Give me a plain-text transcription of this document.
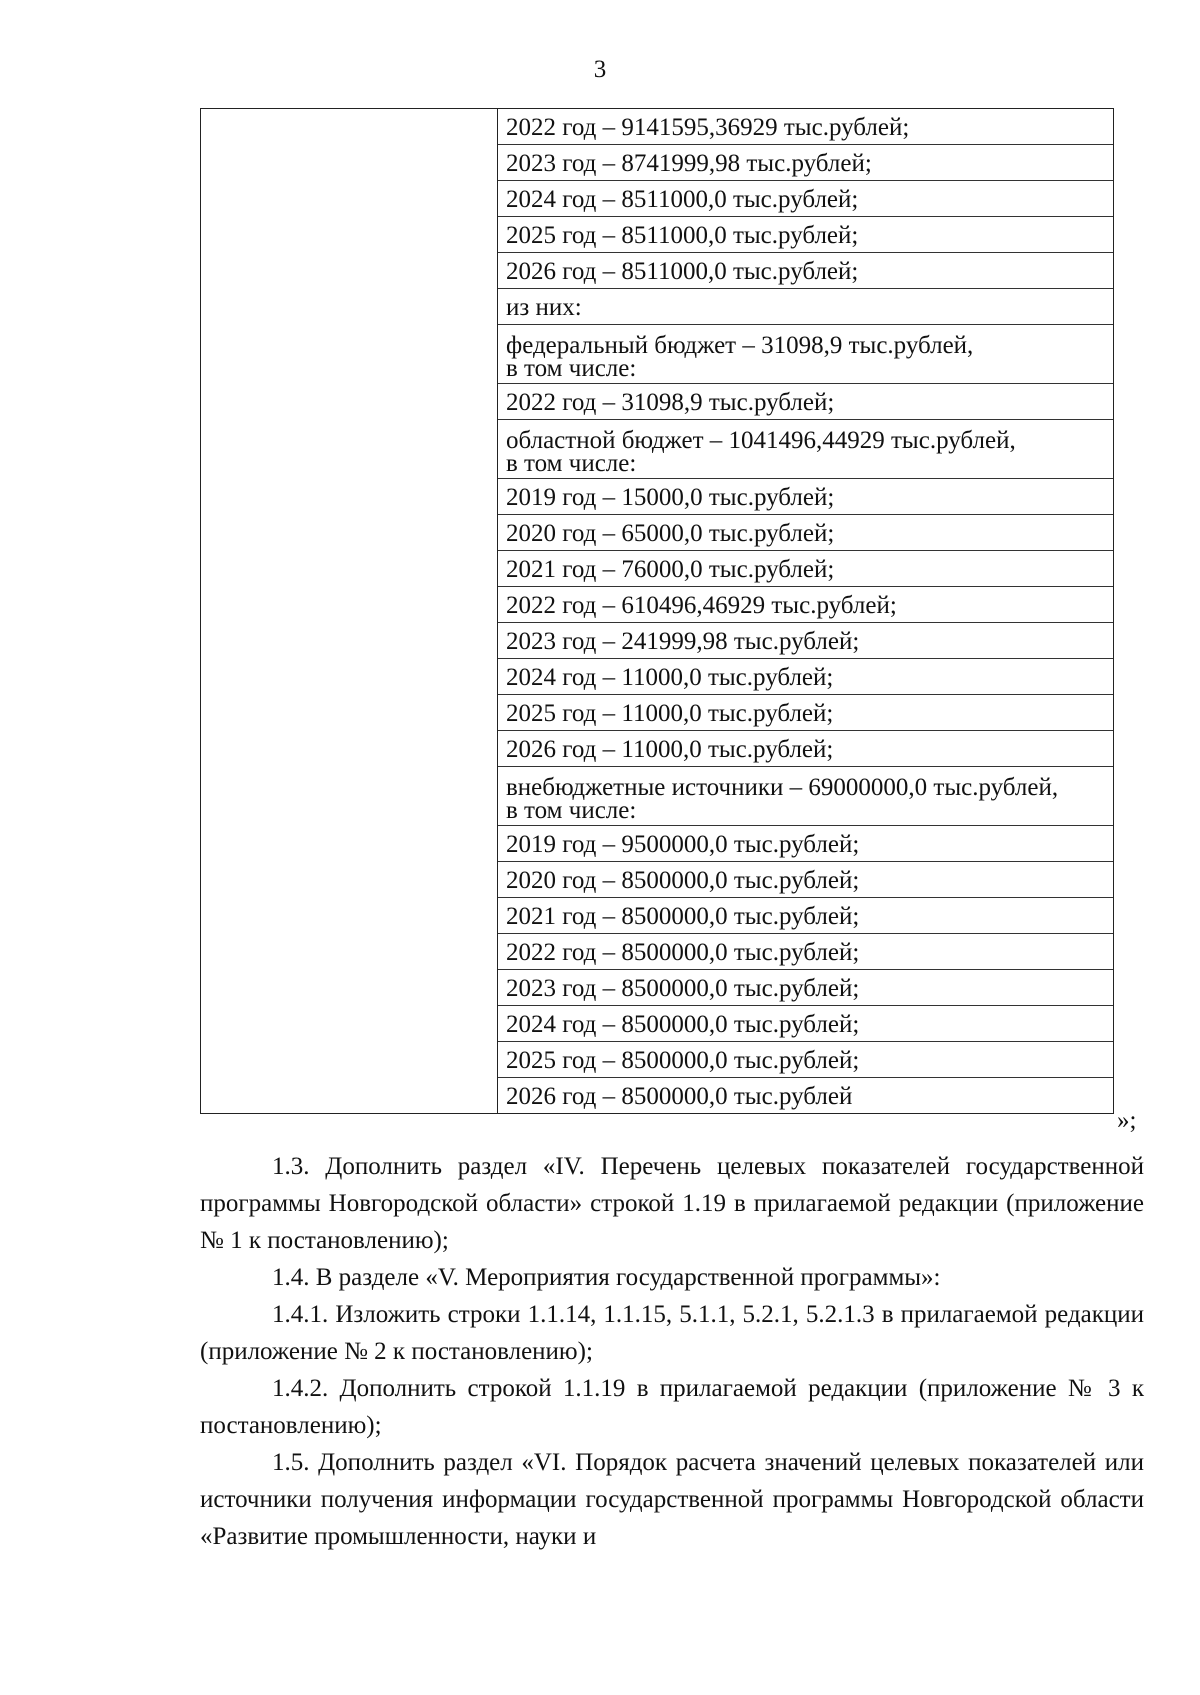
3

2022 год – 9141595,36929 тыс.рублей;
2023 год – 8741999,98 тыс.рублей;
2024 год – 8511000,0 тыс.рублей;
2025 год – 8511000,0 тыс.рублей;
2026 год – 8511000,0 тыс.рублей;
из них:
федеральный бюджет – 31098,9 тыс.рублей,

в том числе:
2022 год – 31098,9 тыс.рублей;
областной бюджет – 1041496,44929 тыс.рублей,

в том числе:
2019 год – 15000,0 тыс.рублей;
2020 год – 65000,0 тыс.рублей;
2021 год – 76000,0 тыс.рублей;
2022 год – 610496,46929 тыс.рублей;
2023 год – 241999,98 тыс.рублей;
2024 год – 11000,0 тыс.рублей;
2025 год – 11000,0 тыс.рублей;
2026 год – 11000,0 тыс.рублей;
внебюджетные источники – 69000000,0 тыс.рублей,

в том числе:
2019 год – 9500000,0 тыс.рублей;
2020 год – 8500000,0 тыс.рублей;
2021 год – 8500000,0 тыс.рублей;
2022 год – 8500000,0 тыс.рублей;
2023 год – 8500000,0 тыс.рублей;
2024 год – 8500000,0 тыс.рублей;
2025 год – 8500000,0 тыс.рублей;
2026 год – 8500000,0 тыс.рублей
»;

1.3. Дополнить раздел «IV. Перечень целевых показателей государственной программы Новгородской области» строкой 1.19 в прилагаемой редакции (приложение № 1 к постановлению);

1.4. В разделе «V. Мероприятия государственной программы»:

1.4.1. Изложить строки 1.1.14, 1.1.15, 5.1.1, 5.2.1, 5.2.1.3 в прилагаемой редакции (приложение № 2 к постановлению);

1.4.2. Дополнить строкой 1.1.19 в прилагаемой редакции (приложение № 3 к постановлению);

1.5. Дополнить раздел «VI. Порядок расчета значений целевых показателей или источники получения информации государственной программы Новгородской области «Развитие промышленности, науки и
